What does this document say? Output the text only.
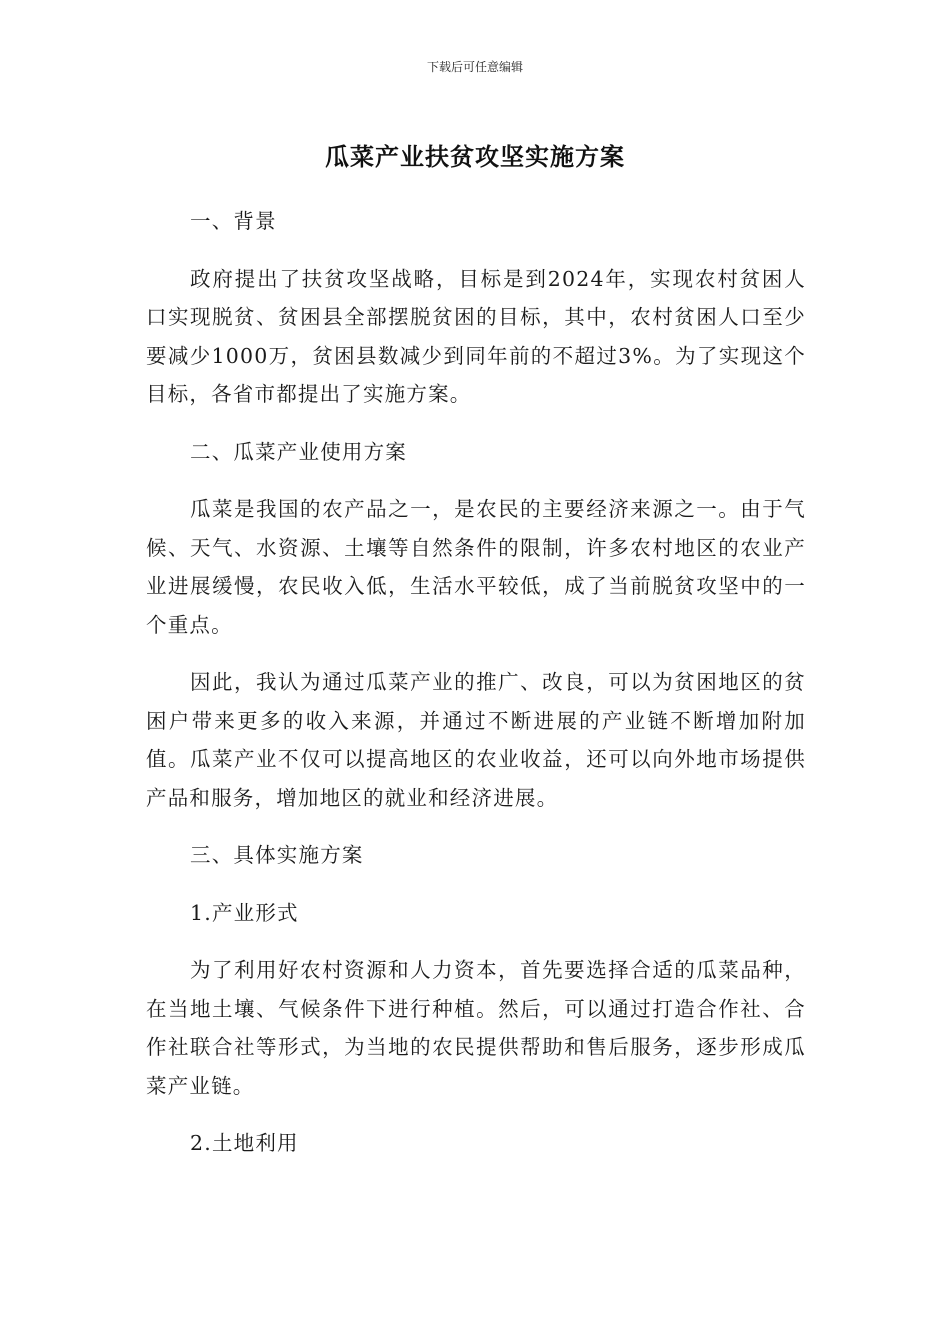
下载后可任意编辑
瓜菜产业扶贫攻坚实施方案

一、背景

政府提出了扶贫攻坚战略，目标是到2024年，实现农村贫困人口实现脱贫、贫困县全部摆脱贫困的目标，其中，农村贫困人口至少要减少1000万，贫困县数减少到同年前的不超过3%。为了实现这个目标，各省市都提出了实施方案。

二、瓜菜产业使用方案

瓜菜是我国的农产品之一，是农民的主要经济来源之一。由于气候、天气、水资源、土壤等自然条件的限制，许多农村地区的农业产业进展缓慢，农民收入低，生活水平较低，成了当前脱贫攻坚中的一个重点。

因此，我认为通过瓜菜产业的推广、改良，可以为贫困地区的贫困户带来更多的收入来源，并通过不断进展的产业链不断增加附加值。瓜菜产业不仅可以提高地区的农业收益，还可以向外地市场提供产品和服务，增加地区的就业和经济进展。

三、具体实施方案

1.产业形式

为了利用好农村资源和人力资本，首先要选择合适的瓜菜品种，在当地土壤、气候条件下进行种植。然后，可以通过打造合作社、合作社联合社等形式，为当地的农民提供帮助和售后服务，逐步形成瓜菜产业链。

2.土地利用
